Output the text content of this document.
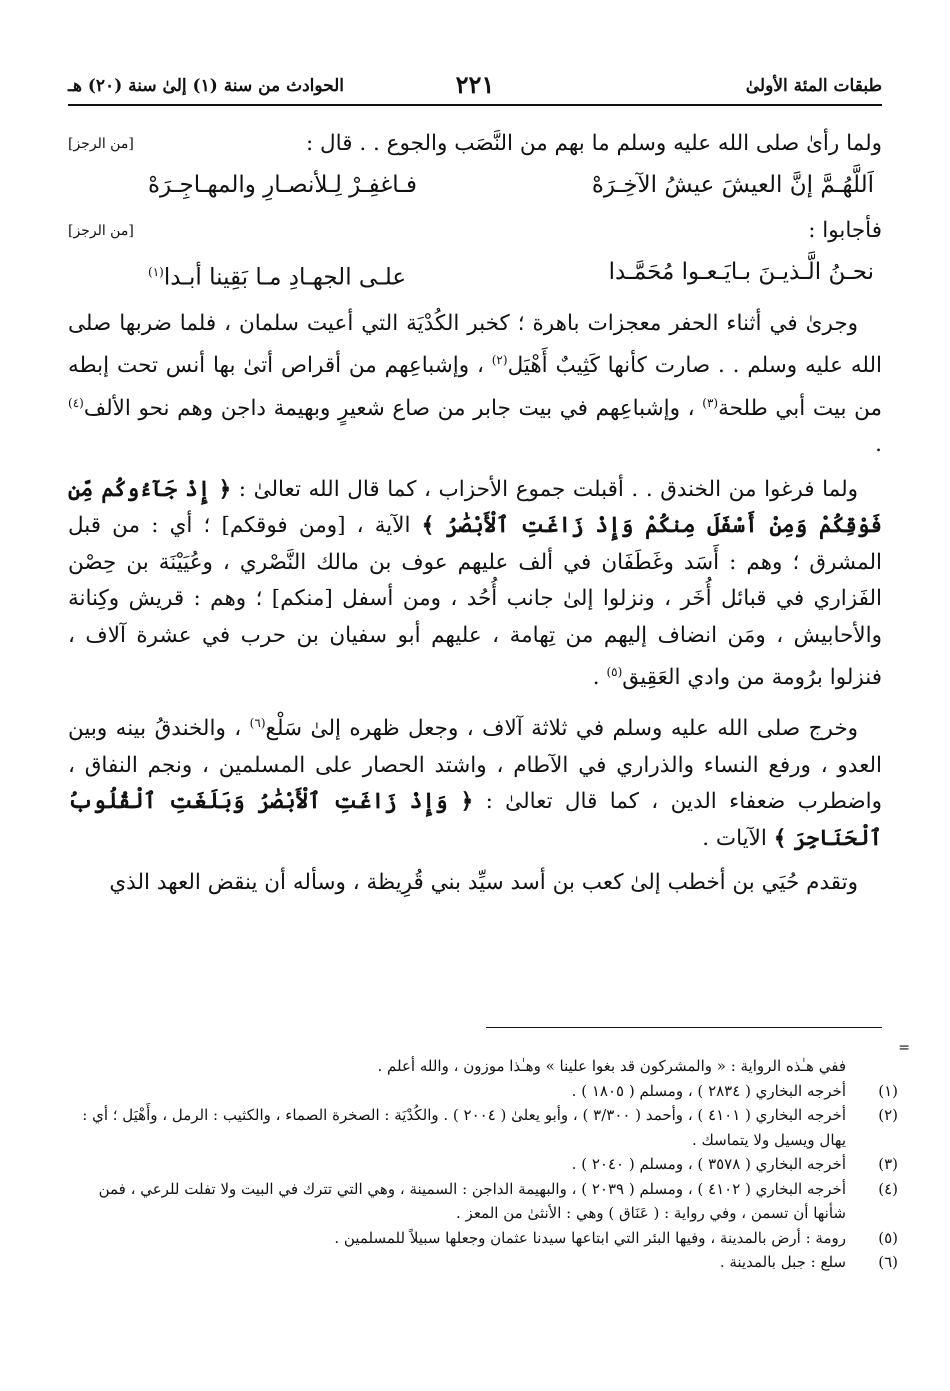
طبقات المئة الأولىٰ
٢٢١
الحوادث من سنة (١) إلىٰ سنة (٢٠) هـ
ولما رأىٰ صلى الله عليه وسلم ما بهم من النَّصَب والجوع . . قال :
[من الرجز]
اَللَّهُـمَّ إنَّ العيشَ عيشُ الآخِـرَهْ
فـاغفِـرْ لِـلأنصـارِ والمهـاجِـرَهْ
فأجابوا :
[من الرجز]
نحـنُ الَّـذيـنَ بـايَـعـوا مُحَمَّـدا
علـى الجهـادِ مـا بَقِينا أبـدا$^{(١)}$

وجرىٰ في أثناء الحفر معجزات باهرة ؛ كخبر الكُدْيَة التي أعيت سلمان ، فلما ضربها صلى الله عليه وسلم . . صارت كأنها كَثِيبٌ أَهْيَل$^{(٢)}$ ، وإشباعِهم من أقراص أتىٰ بها أنس تحت إبطه من بيت أبي طلحة$^{(٣)}$ ، وإشباعِهم في بيت جابر من صاع شعيرٍ وبهيمة داجن وهم نحو الألف$^{(٤)}$ .

ولما فرغوا من الخندق . . أقبلت جموع الأحزاب ، كما قال الله تعالىٰ : ﴿ إِذْ جَآءُوكُم مِّن فَوْقِكُمْ وَمِنْ أَسْفَلَ مِنكُمْ وَإِذْ زَاغَتِ ٱلْأَبْصَٰرُ ﴾ الآية ، [ومن فوقكم] ؛ أي : من قبل المشرق ؛ وهم : أَسَد وغَطَفَان في ألف عليهم عوف بن مالك النَّصْري ، وعُيَيْنَة بن حِصْن الفَزاري في قبائل أُخَر ، ونزلوا إلىٰ جانب أُحُد ، ومن أسفل [منكم] ؛ وهم : قريش وكِنانة والأحابيش ، ومَن انضاف إليهم من تِهامة ، عليهم أبو سفيان بن حرب في عشرة آلاف ، فنزلوا برُومة من وادي العَقِيق$^{(٥)}$ .

وخرج صلى الله عليه وسلم في ثلاثة آلاف ، وجعل ظهره إلىٰ سَلْع$^{(٦)}$ ، والخندقُ بينه وبين العدو ، ورفع النساء والذراري في الآطام ، واشتد الحصار على المسلمين ، ونجم النفاق ، واضطرب ضعفاء الدين ، كما قال تعالىٰ : ﴿ وَإِذْ زَاغَتِ ٱلْأَبْصَٰرُ وَبَلَغَتِ ٱلْقُلُوبُ ٱلْحَنَاجِرَ ﴾ الآيات .

وتقدم حُيَي بن أخطب إلىٰ كعب بن أسد سيِّد بني قُرِيظة ، وسأله أن ينقض العهد الذي

=
ففي هـٰذه الرواية : « والمشركون قد بغوا علينا » وهـٰذا موزون ، والله أعلم .
(١)
أخرجه البخاري ( ٢٨٣٤ ) ، ومسلم ( ١٨٠٥ ) .
(٢)
أخرجه البخاري ( ٤١٠١ ) ، وأحمد ( ٣/٣٠٠ ) ، وأبو يعلىٰ ( ٢٠٠٤ ) . والكُدْيَة : الصخرة الصماء ، والكثيب : الرمل ، وأَهْيَل ؛ أي : يهال ويسيل ولا يتماسك .
(٣)
أخرجه البخاري ( ٣٥٧٨ ) ، ومسلم ( ٢٠٤٠ ) .
(٤)
أخرجه البخاري ( ٤١٠٢ ) ، ومسلم ( ٢٠٣٩ ) ، والبهيمة الداجن : السمينة ، وهي التي تترك في البيت ولا تفلت للرعي ، فمن شأنها أن تسمن ، وفي رواية : ( عَنَاق ) وهي : الأنثىٰ من المعز .
(٥)
رومة : أرض بالمدينة ، وفيها البئر التي ابتاعها سيدنا عثمان وجعلها سبيلاً للمسلمين .
(٦)
سلع : جبل بالمدينة .
